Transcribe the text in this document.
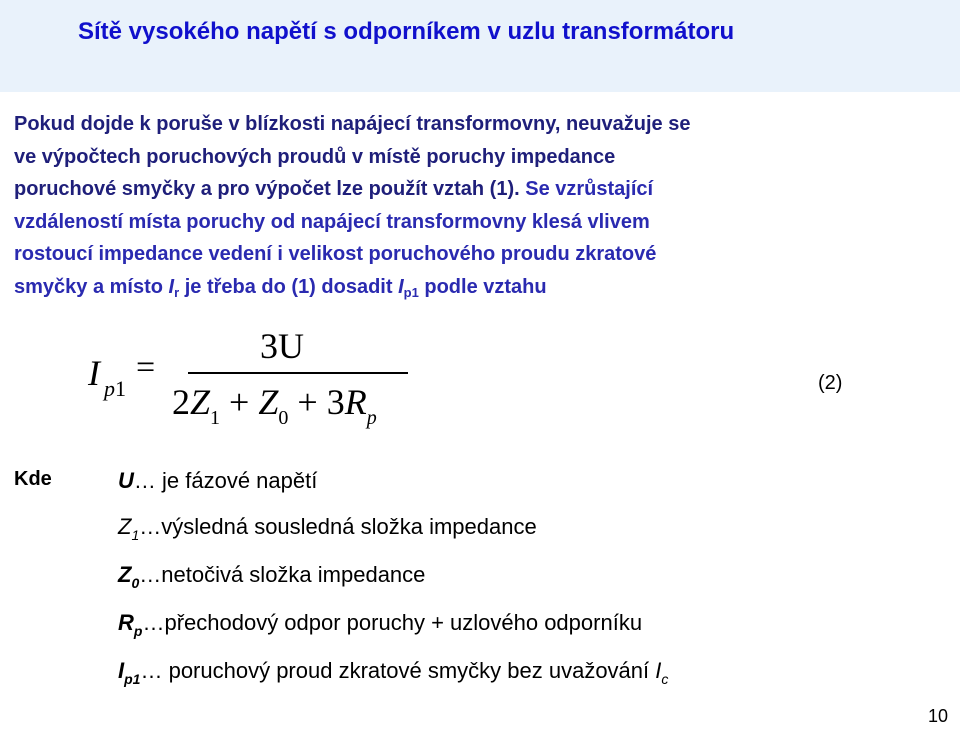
Sítě vysokého napětí s odporníkem v uzlu transformátoru
Pokud dojde k poruše v blízkosti napájecí transformovny, neuvažuje se
ve výpočtech poruchových proudů v místě poruchy impedance
poruchové smyčky a pro výpočet lze použít vztah (1). Se vzrůstající
vzdáleností místa poruchy od napájecí transformovny klesá vlivem
rostoucí impedance vedení i velikost poruchového proudu zkratové
smyčky a místo $I_r$ je třeba do (1) dosadit $I_{p1}$ podle vztahu
I p1
=
3U
$2Z_1 + Z_0 + 3R_p$
(2)
Kde	U… je fázové napětí
$Z_1\dots výsledná$ sousledná složka impedance
$Z_0\dots netočivá$ složka impedance
$R_p\dots přechodový$ odpor poruchy + uzlového odporníku
$I_{p1}\dots$ poruchový proud zkratové smyčky bez uvažování $I_c$
10
